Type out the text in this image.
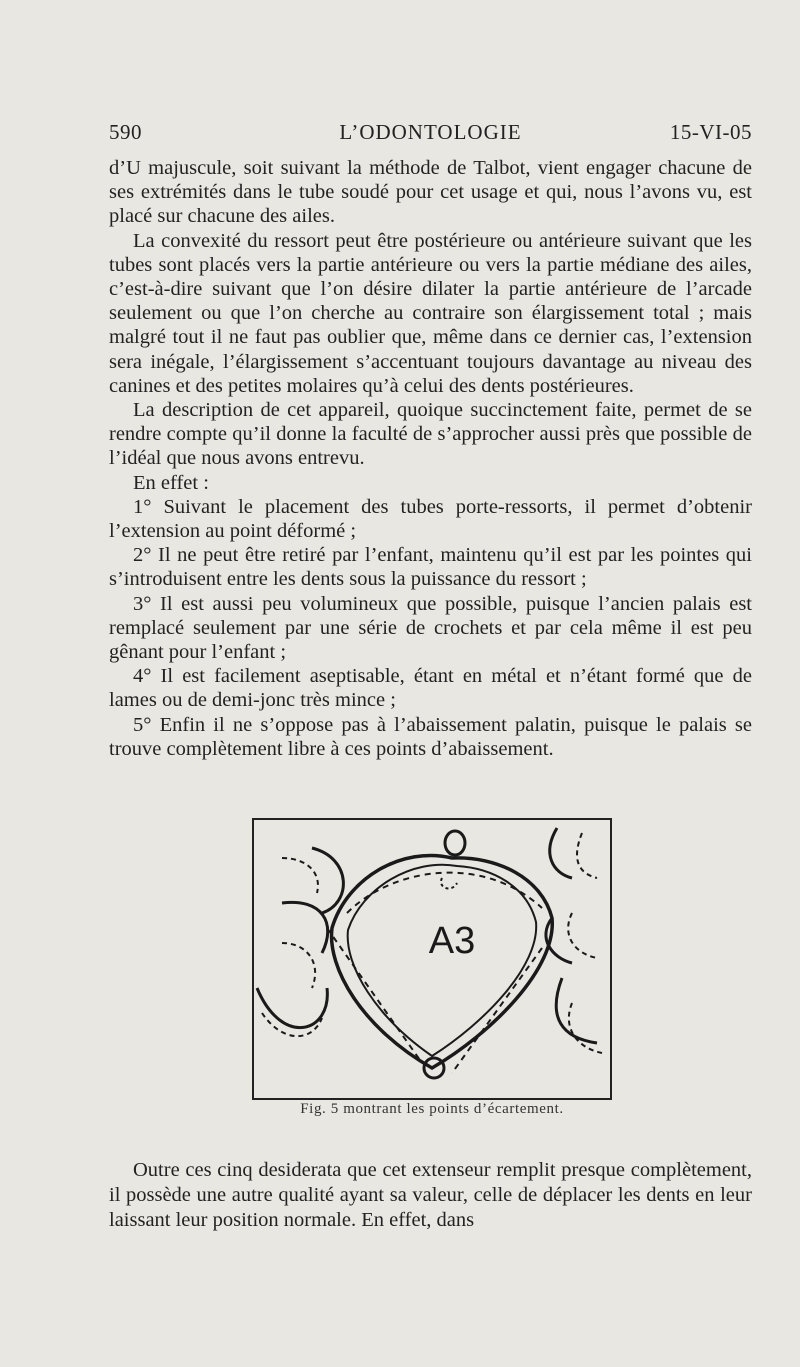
590	L’ODONTOLOGIE	15-VI-05

d’U majuscule, soit suivant la méthode de Talbot, vient engager chacune de ses extrémités dans le tube soudé pour cet usage et qui, nous l’avons vu, est placé sur chacune des ailes.

La convexité du ressort peut être postérieure ou antérieure suivant que les tubes sont placés vers la partie antérieure ou vers la partie médiane des ailes, c’est-à-dire suivant que l’on désire dilater la partie antérieure de l’arcade seulement ou que l’on cherche au contraire son élargissement total ; mais malgré tout il ne faut pas oublier que, même dans ce dernier cas, l’extension sera inégale, l’élargissement s’accentuant toujours davantage au niveau des canines et des petites molaires qu’à celui des dents postérieures.

La description de cet appareil, quoique succinctement faite, permet de se rendre compte qu’il donne la faculté de s’approcher aussi près que possible de l’idéal que nous avons entrevu.

En effet :

1° Suivant le placement des tubes porte-ressorts, il permet d’obtenir l’extension au point déformé ;

2° Il ne peut être retiré par l’enfant, maintenu qu’il est par les pointes qui s’introduisent entre les dents sous la puissance du ressort ;

3° Il est aussi peu volumineux que possible, puisque l’ancien palais est remplacé seulement par une série de crochets et par cela même il est peu gênant pour l’enfant ;

4° Il est facilement aseptisable, étant en métal et n’étant formé que de lames ou de demi-jonc très mince ;

5° Enfin il ne s’oppose pas à l’abaissement palatin, puisque le palais se trouve complètement libre à ces points d’abaissement.

A3
Fig. 5 montrant les points d’écartement.

Outre ces cinq desiderata que cet extenseur remplit presque complètement, il possède une autre qualité ayant sa valeur, celle de déplacer les dents en leur laissant leur position normale. En effet, dans
